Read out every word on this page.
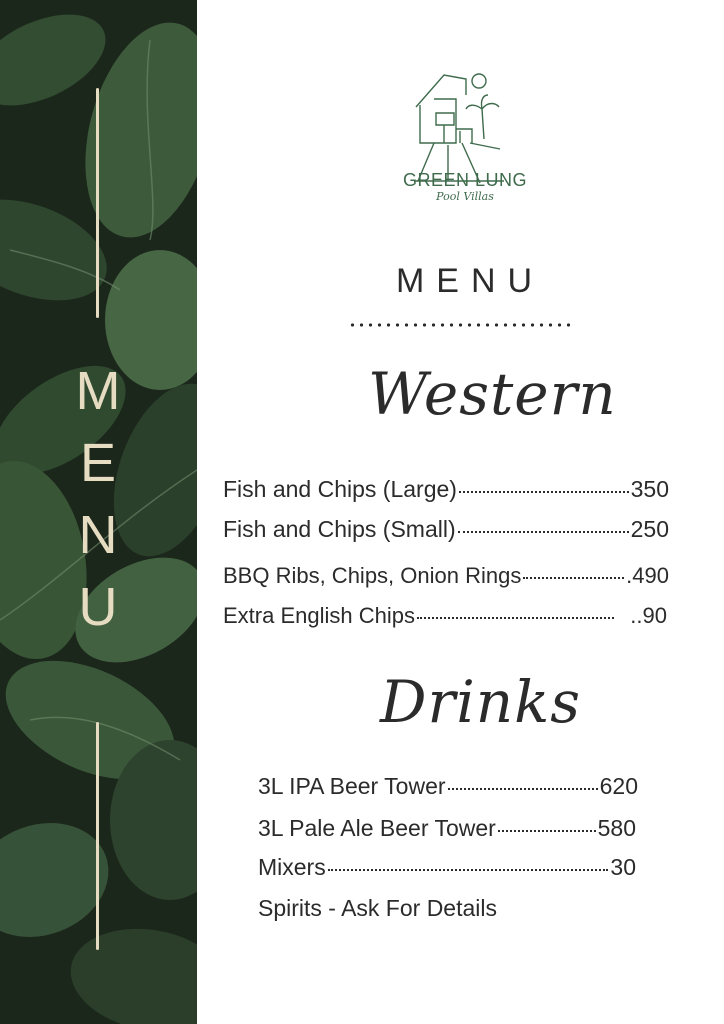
M
E
N
U
GREEN LUNG
Pool Villas
MENU
Western
Fish and Chips (Large)	350
Fish and Chips (Small)	250
BBQ Ribs, Chips, Onion Rings	.490
Extra English Chips	..90
Drinks
3L IPA Beer Tower	620
3L Pale Ale Beer Tower	580
Mixers	30
Spirits - Ask For Details
